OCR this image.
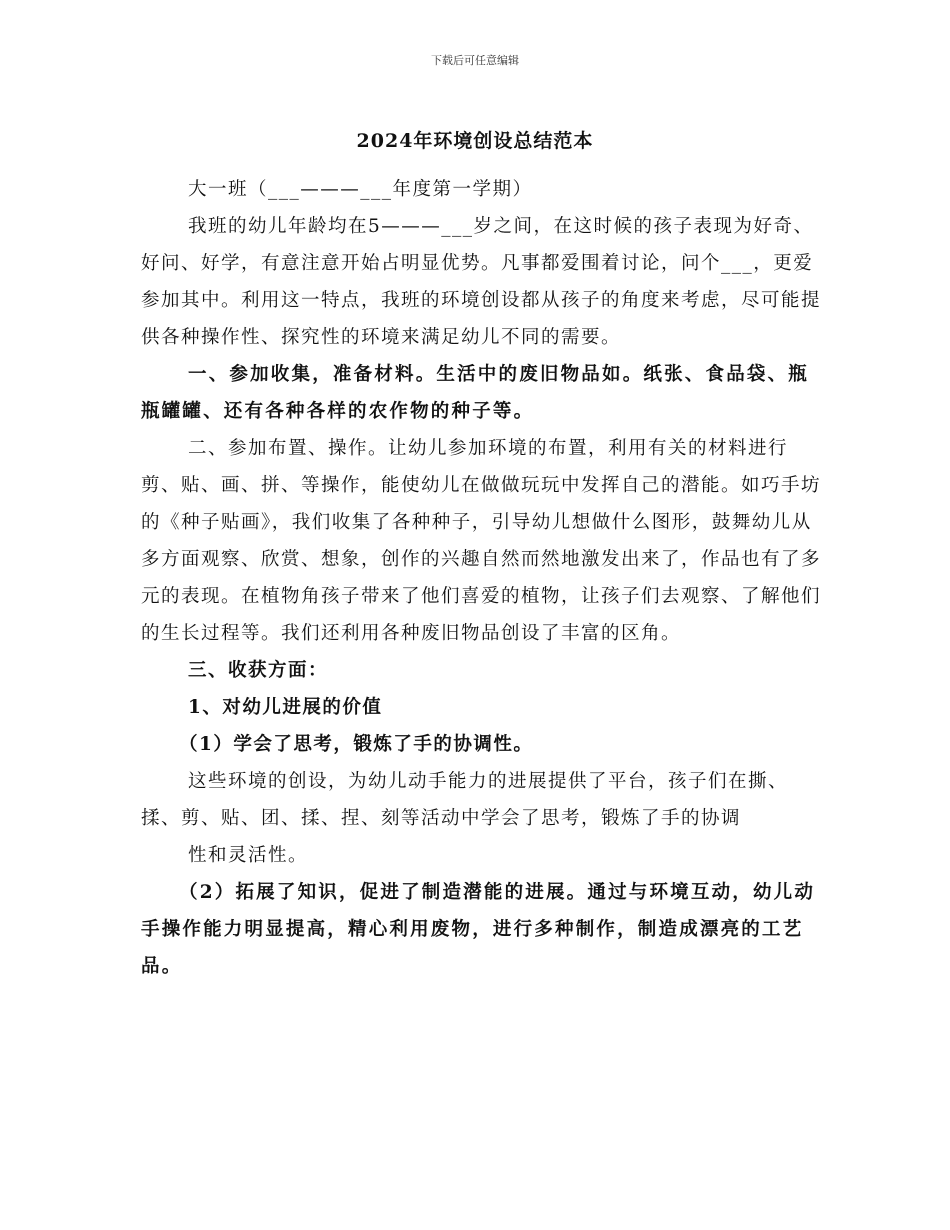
下载后可任意编辑
2024年环境创设总结范本

大一班（___———___年度第一学期）

我班的幼儿年龄均在5———___岁之间，在这时候的孩子表现为好奇、好问、好学，有意注意开始占明显优势。凡事都爱围着讨论，问个___，更爱参加其中。利用这一特点，我班的环境创设都从孩子的角度来考虑，尽可能提供各种操作性、探究性的环境来满足幼儿不同的需要。

一、参加收集，准备材料。生活中的废旧物品如。纸张、食品袋、瓶瓶罐罐、还有各种各样的农作物的种子等。

二、参加布置、操作。让幼儿参加环境的布置，利用有关的材料进行剪、贴、画、拼、等操作，能使幼儿在做做玩玩中发挥自己的潜能。如巧手坊的《种子贴画》，我们收集了各种种子，引导幼儿想做什么图形，鼓舞幼儿从多方面观察、欣赏、想象，创作的兴趣自然而然地激发出来了，作品也有了多元的表现。在植物角孩子带来了他们喜爱的植物，让孩子们去观察、了解他们的生长过程等。我们还利用各种废旧物品创设了丰富的区角。

三、收获方面：

1、对幼儿进展的价值

（1）学会了思考，锻炼了手的协调性。

这些环境的创设，为幼儿动手能力的进展提供了平台，孩子们在撕、揉、剪、贴、团、揉、捏、刻等活动中学会了思考，锻炼了手的协调

性和灵活性。

（2）拓展了知识，促进了制造潜能的进展。通过与环境互动，幼儿动手操作能力明显提高，精心利用废物，进行多种制作，制造成漂亮的工艺品。
